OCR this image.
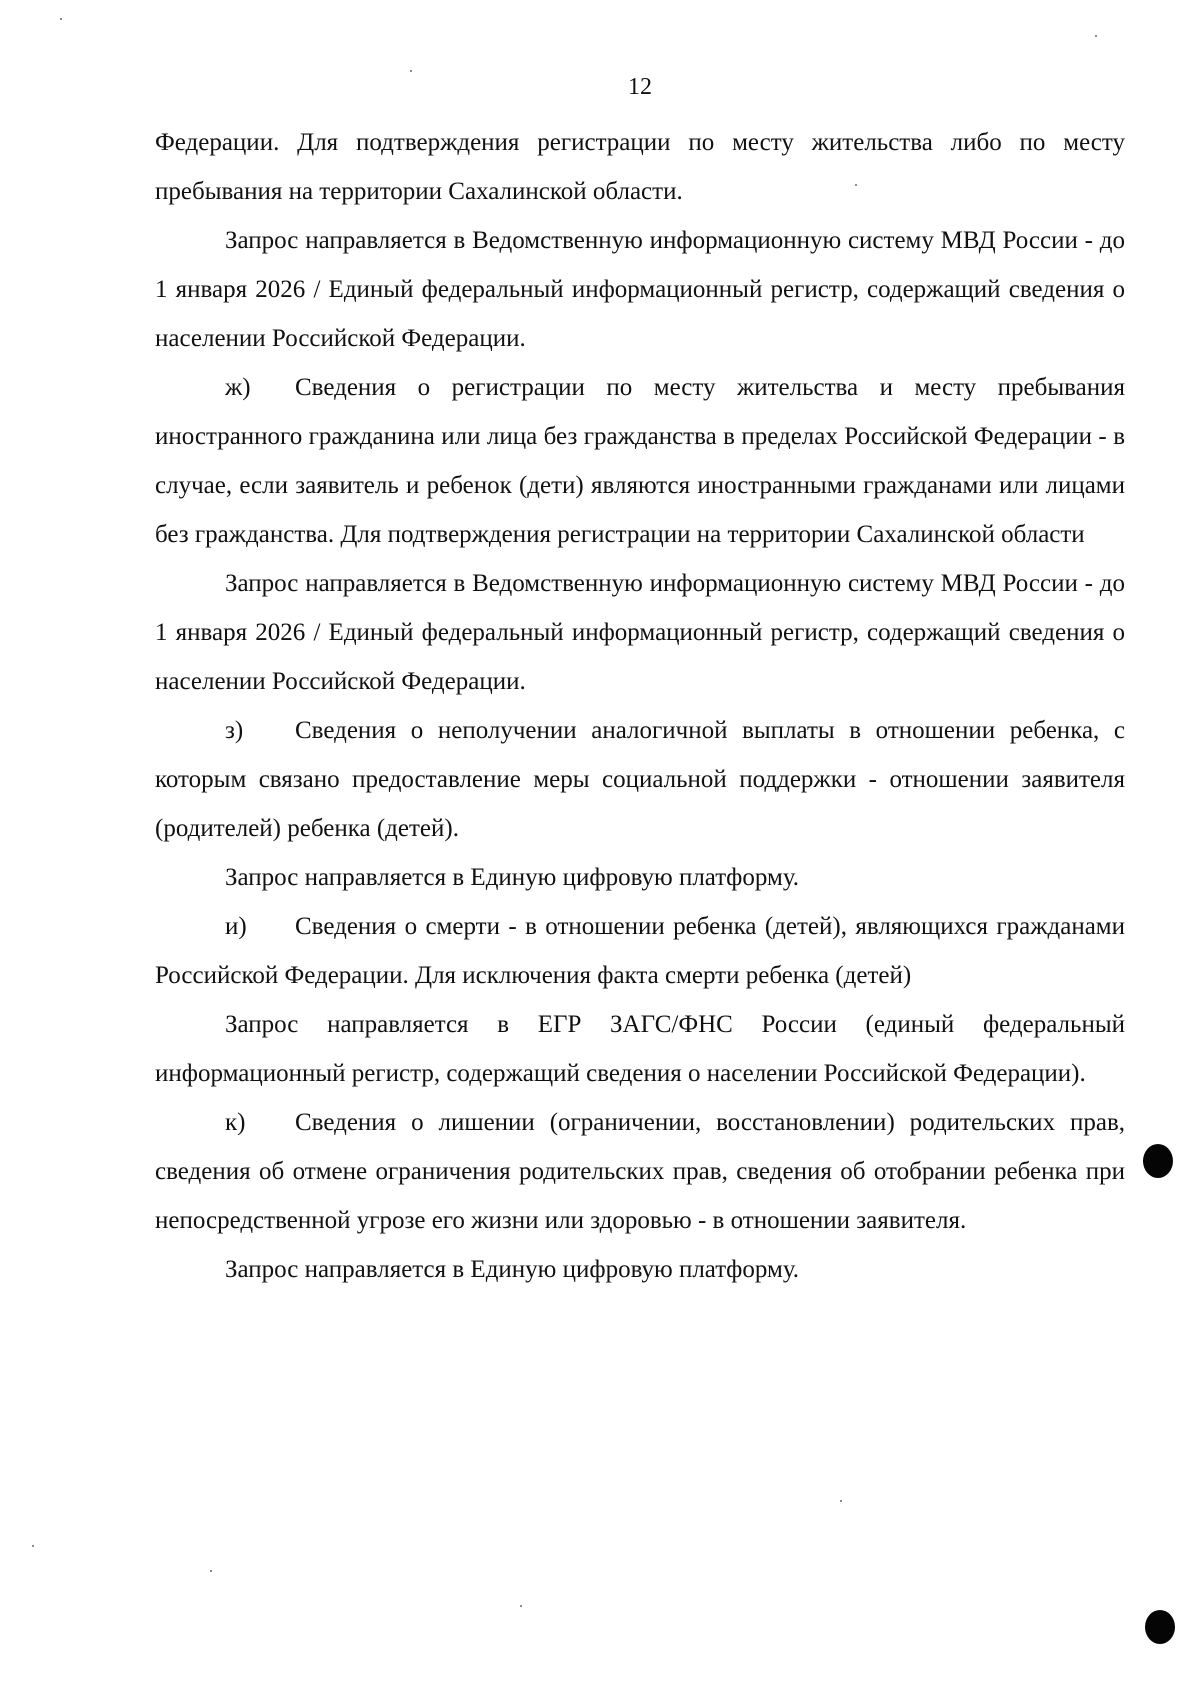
12

Федерации. Для подтверждения регистрации по месту жительства либо по месту пребывания на территории Сахалинской области.

Запрос направляется в Ведомственную информационную систему МВД России - до 1 января 2026 / Единый федеральный информационный регистр, содержащий сведения о населении Российской Федерации.

ж) Сведения о регистрации по месту жительства и месту пребывания иностранного гражданина или лица без гражданства в пределах Российской Федерации - в случае, если заявитель и ребенок (дети) являются иностранными гражданами или лицами без гражданства. Для подтверждения регистрации на территории Сахалинской области

Запрос направляется в Ведомственную информационную систему МВД России - до 1 января 2026 / Единый федеральный информационный регистр, содержащий сведения о населении Российской Федерации.

з) Сведения о неполучении аналогичной выплаты в отношении ребенка, с которым связано предоставление меры социальной поддержки - отношении заявителя (родителей) ребенка (детей).

Запрос направляется в Единую цифровую платформу.

и) Сведения о смерти - в отношении ребенка (детей), являющихся гражданами Российской Федерации. Для исключения факта смерти ребенка (детей)

Запрос направляется в ЕГР ЗАГС/ФНС России (единый федеральный информационный регистр, содержащий сведения о населении Российской Федерации).

к) Сведения о лишении (ограничении, восстановлении) родительских прав, сведения об отмене ограничения родительских прав, сведения об отобрании ребенка при непосредственной угрозе его жизни или здоровью - в отношении заявителя.

Запрос направляется в Единую цифровую платформу.
